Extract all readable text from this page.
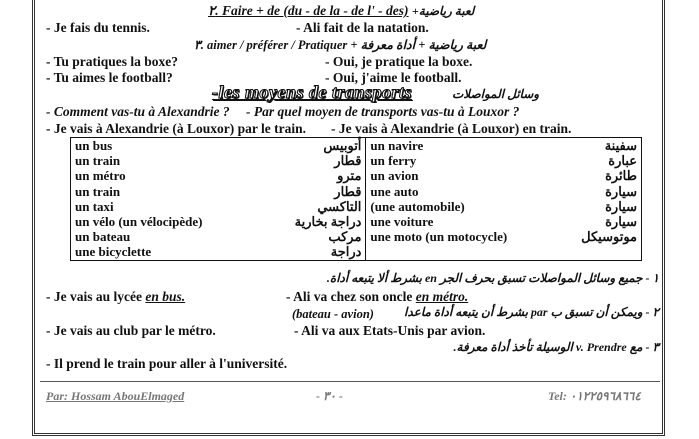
٢. Faire + de (du - de la - de l' - des) لعبة رياضية+
- Je fais du tennis.	- Ali fait de la natation.
٣. aimer / préférer / Pratiquer + لعبة رياضية + أداة معرفة
- Tu pratiques la boxe?	- Oui, je pratique la boxe.
- Tu aimes le football?	- Oui, j'aime le football.
-les moyens de transports	وسائل المواصلات
- Comment vas-tu à Alexandrie ? - Par quel moyen de transports vas-tu à Louxor ?
- Je vais à Alexandrie (à Louxor) par le train. - Je vais à Alexandrie (à Louxor) en train.
un bus	أتوبيس	un navire	سفينة
un train	قطار	un ferry	عبارة
un métro	مترو	un avion	طائرة
un train	قطار	une auto	سيارة
un taxi	التاكسي	(une automobile)	سيارة
un vélo (un vélocipède)	دراجة بخارية	une voiture	سيارة
un bateau	مركب	une moto (un motocycle)	موتوسيكل
une bicyclette	دراجة		
١ - جميع وسائل المواصلات تسبق بحرف الجر en بشرط ألا يتبعه أداة.
- Je vais au lycée en bus.	- Ali va chez son oncle en métro.
(bateau - avion)	٢ - ويمكن أن تسبق ب par بشرط أن يتبعه أداة ماعدا
- Je vais au club par le métro.	- Ali va aux Etats-Unis par avion.
٣ - مع v. Prendre الوسيلة تأخذ أداة معرفة.
- Il prend le train pour aller à l'université.
Par: Hossam AbouElmaged	- ٣٠ -	Tel: ٠١٢٢٥٩٦٨٦٦٤
